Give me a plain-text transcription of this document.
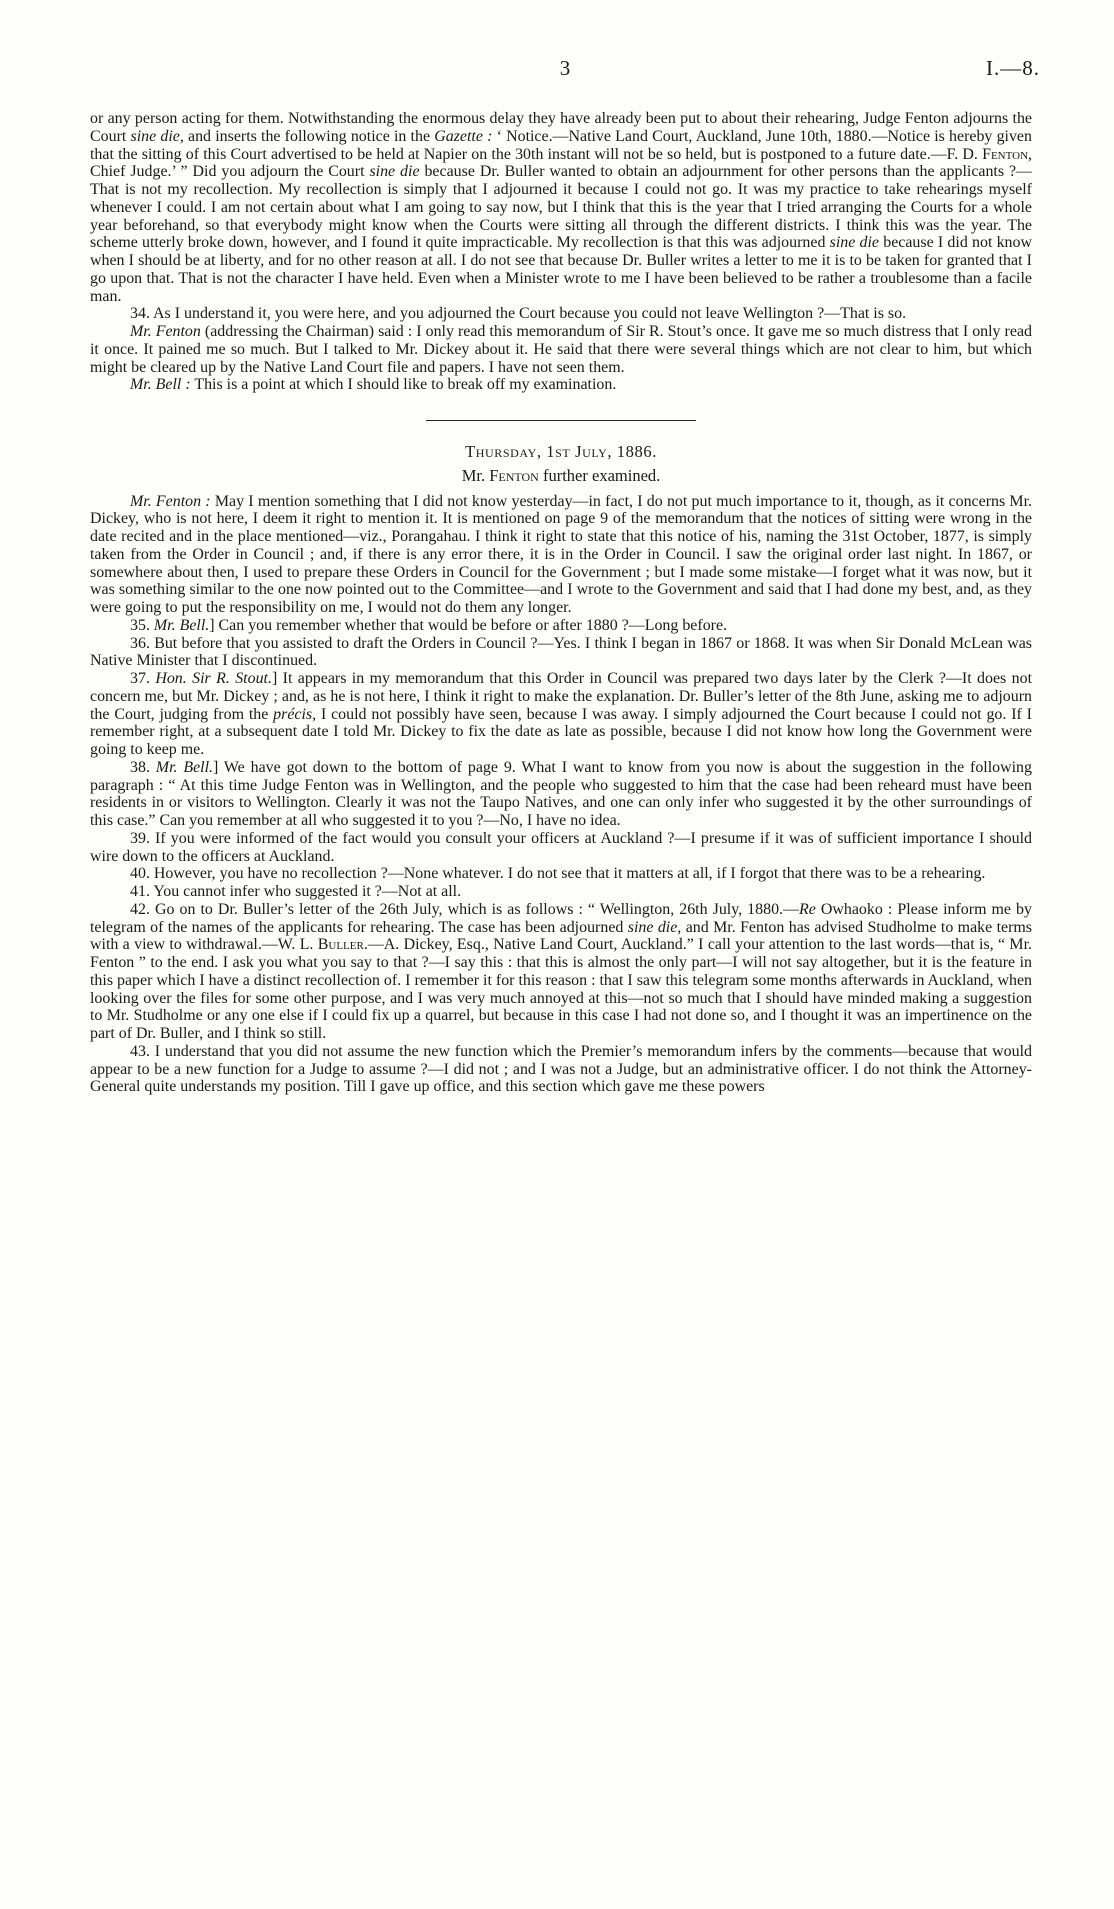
3	I.—8.

or any person acting for them. Notwithstanding the enormous delay they have already been put to about their rehearing, Judge Fenton adjourns the Court sine die, and inserts the following notice in the Gazette : ‘ Notice.—Native Land Court, Auckland, June 10th, 1880.—Notice is hereby given that the sitting of this Court advertised to be held at Napier on the 30th instant will not be so held, but is postponed to a future date.—F. D. Fenton, Chief Judge.’ ” Did you adjourn the Court sine die because Dr. Buller wanted to obtain an adjournment for other persons than the applicants ?—That is not my recollection. My recollection is simply that I adjourned it because I could not go. It was my practice to take rehearings myself whenever I could. I am not certain about what I am going to say now, but I think that this is the year that I tried arranging the Courts for a whole year beforehand, so that everybody might know when the Courts were sitting all through the different districts. I think this was the year. The scheme utterly broke down, however, and I found it quite impracticable. My recollection is that this was adjourned sine die because I did not know when I should be at liberty, and for no other reason at all. I do not see that because Dr. Buller writes a letter to me it is to be taken for granted that I go upon that. That is not the character I have held. Even when a Minister wrote to me I have been believed to be rather a troublesome than a facile man.

34. As I understand it, you were here, and you adjourned the Court because you could not leave Wellington ?—That is so.

Mr. Fenton (addressing the Chairman) said : I only read this memorandum of Sir R. Stout’s once. It gave me so much distress that I only read it once. It pained me so much. But I talked to Mr. Dickey about it. He said that there were several things which are not clear to him, but which might be cleared up by the Native Land Court file and papers. I have not seen them.

Mr. Bell : This is a point at which I should like to break off my examination.

Thursday, 1st July, 1886.
Mr. Fenton further examined.

Mr. Fenton : May I mention something that I did not know yesterday—in fact, I do not put much importance to it, though, as it concerns Mr. Dickey, who is not here, I deem it right to mention it. It is mentioned on page 9 of the memorandum that the notices of sitting were wrong in the date recited and in the place mentioned—viz., Porangahau. I think it right to state that this notice of his, naming the 31st October, 1877, is simply taken from the Order in Council ; and, if there is any error there, it is in the Order in Council. I saw the original order last night. In 1867, or somewhere about then, I used to prepare these Orders in Council for the Government ; but I made some mistake—I forget what it was now, but it was something similar to the one now pointed out to the Committee—and I wrote to the Government and said that I had done my best, and, as they were going to put the responsibility on me, I would not do them any longer.

35. Mr. Bell.] Can you remember whether that would be before or after 1880 ?—Long before.

36. But before that you assisted to draft the Orders in Council ?—Yes. I think I began in 1867 or 1868. It was when Sir Donald McLean was Native Minister that I discontinued.

37. Hon. Sir R. Stout.] It appears in my memorandum that this Order in Council was prepared two days later by the Clerk ?—It does not concern me, but Mr. Dickey ; and, as he is not here, I think it right to make the explanation. Dr. Buller’s letter of the 8th June, asking me to adjourn the Court, judging from the précis, I could not possibly have seen, because I was away. I simply adjourned the Court because I could not go. If I remember right, at a subsequent date I told Mr. Dickey to fix the date as late as possible, because I did not know how long the Government were going to keep me.

38. Mr. Bell.] We have got down to the bottom of page 9. What I want to know from you now is about the suggestion in the following paragraph : “ At this time Judge Fenton was in Wellington, and the people who suggested to him that the case had been reheard must have been residents in or visitors to Wellington. Clearly it was not the Taupo Natives, and one can only infer who suggested it by the other surroundings of this case.” Can you remember at all who suggested it to you ?—No, I have no idea.

39. If you were informed of the fact would you consult your officers at Auckland ?—I presume if it was of sufficient importance I should wire down to the officers at Auckland.

40. However, you have no recollection ?—None whatever. I do not see that it matters at all, if I forgot that there was to be a rehearing.

41. You cannot infer who suggested it ?—Not at all.

42. Go on to Dr. Buller’s letter of the 26th July, which is as follows : “ Wellington, 26th July, 1880.—Re Owhaoko : Please inform me by telegram of the names of the applicants for rehearing. The case has been adjourned sine die, and Mr. Fenton has advised Studholme to make terms with a view to withdrawal.—W. L. Buller.—A. Dickey, Esq., Native Land Court, Auckland.” I call your attention to the last words—that is, “ Mr. Fenton ” to the end. I ask you what you say to that ?—I say this : that this is almost the only part—I will not say altogether, but it is the feature in this paper which I have a distinct recollection of. I remember it for this reason : that I saw this telegram some months afterwards in Auckland, when looking over the files for some other purpose, and I was very much annoyed at this—not so much that I should have minded making a suggestion to Mr. Studholme or any one else if I could fix up a quarrel, but because in this case I had not done so, and I thought it was an impertinence on the part of Dr. Buller, and I think so still.

43. I understand that you did not assume the new function which the Premier’s memorandum infers by the comments—because that would appear to be a new function for a Judge to assume ?—I did not ; and I was not a Judge, but an administrative officer. I do not think the Attorney-General quite understands my position. Till I gave up office, and this section which gave me these powers
